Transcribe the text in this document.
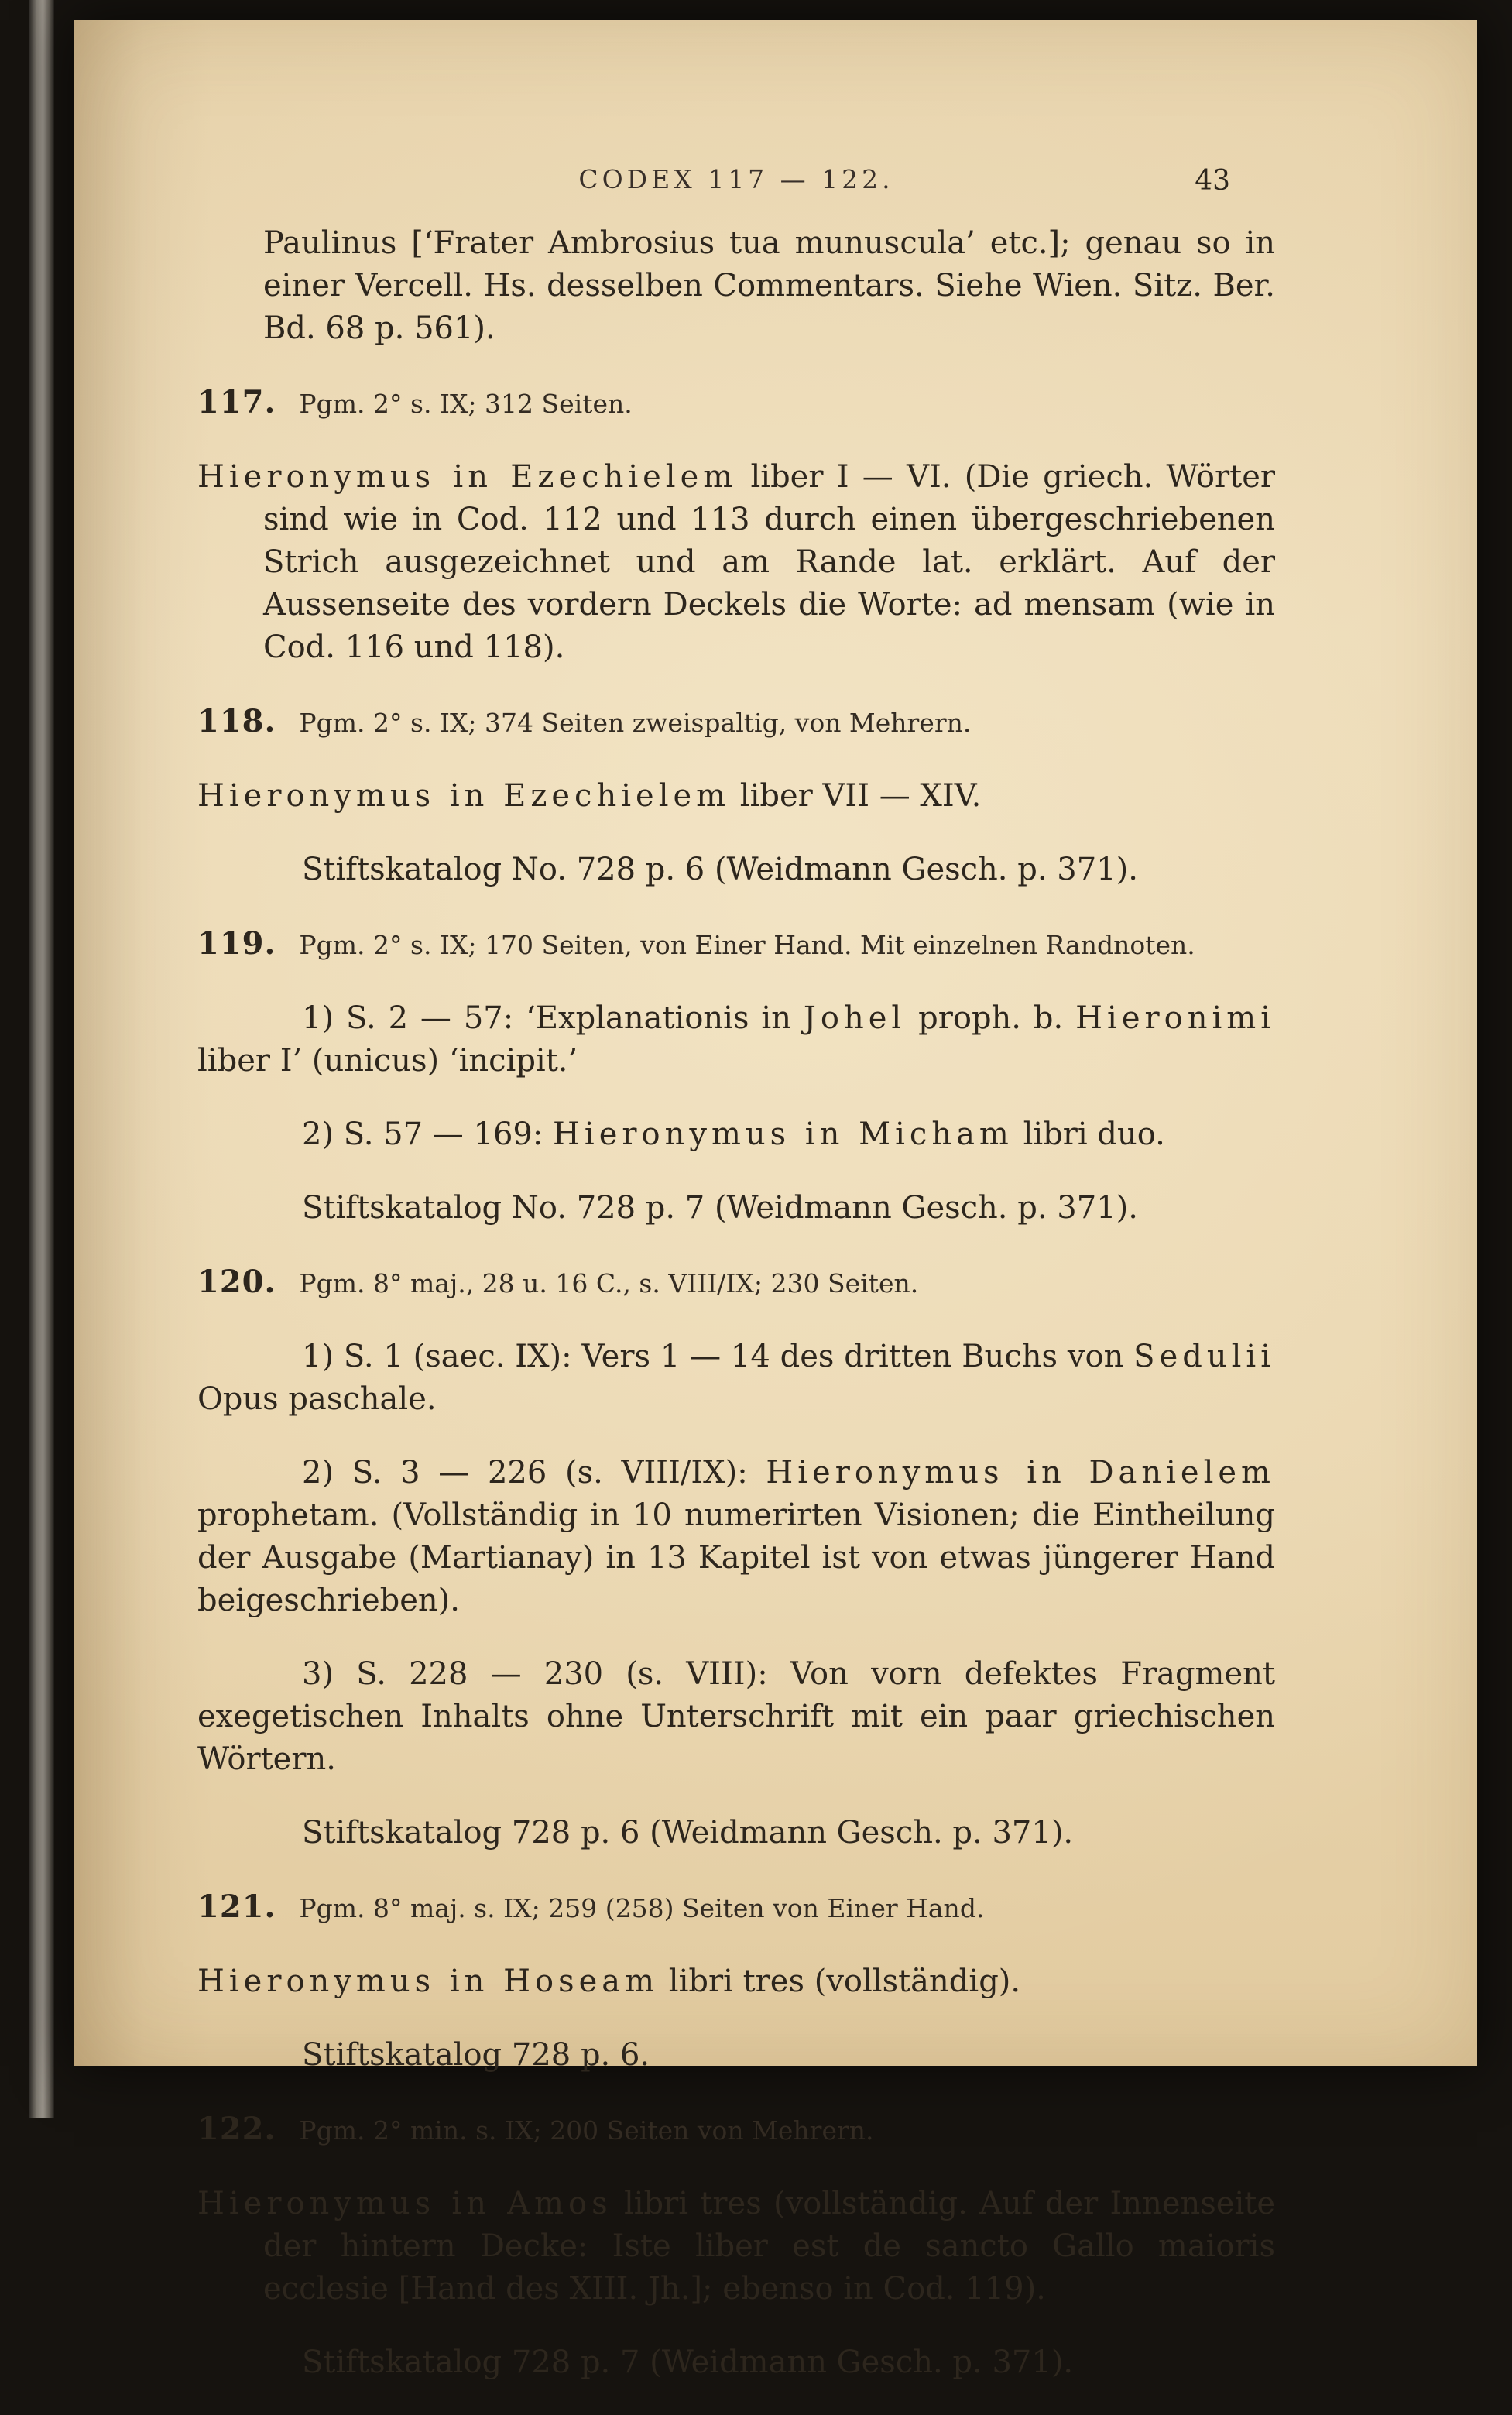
CODEX 117 — 122.	43

Paulinus [‘Frater Ambrosius tua munuscula’ etc.]; genau so in einer Vercell. Hs. desselben Commentars. Siehe Wien. Sitz. Ber. Bd. 68 p. 561).

117. Pgm. 2° s. IX; 312 Seiten.

Hieronymus in Ezechielem liber I — VI. (Die griech. Wörter sind wie in Cod. 112 und 113 durch einen übergeschriebenen Strich ausgezeichnet und am Rande lat. erklärt. Auf der Aussenseite des vordern Deckels die Worte: ad mensam (wie in Cod. 116 und 118).

118. Pgm. 2° s. IX; 374 Seiten zweispaltig, von Mehrern.

Hieronymus in Ezechielem liber VII — XIV.

Stiftskatalog No. 728 p. 6 (Weidmann Gesch. p. 371).

119. Pgm. 2° s. IX; 170 Seiten, von Einer Hand. Mit einzelnen Randnoten.

1) S. 2 — 57: ‘Explanationis in Johel proph. b. Hieronimi liber I’ (unicus) ‘incipit.’

2) S. 57 — 169: Hieronymus in Micham libri duo.

Stiftskatalog No. 728 p. 7 (Weidmann Gesch. p. 371).

120. Pgm. 8° maj., 28 u. 16 C., s. VIII/IX; 230 Seiten.

1) S. 1 (saec. IX): Vers 1 — 14 des dritten Buchs von Sedulii Opus paschale.

2) S. 3 — 226 (s. VIII/IX): Hieronymus in Danielem prophetam. (Vollständig in 10 numerirten Visionen; die Eintheilung der Ausgabe (Martianay) in 13 Kapitel ist von etwas jüngerer Hand beigeschrieben).

3) S. 228 — 230 (s. VIII): Von vorn defektes Fragment exegetischen Inhalts ohne Unterschrift mit ein paar griechischen Wörtern.

Stiftskatalog 728 p. 6 (Weidmann Gesch. p. 371).

121. Pgm. 8° maj. s. IX; 259 (258) Seiten von Einer Hand.

Hieronymus in Hoseam libri tres (vollständig).

Stiftskatalog 728 p. 6.

122. Pgm. 2° min. s. IX; 200 Seiten von Mehrern.

Hieronymus in Amos libri tres (vollständig. Auf der Innenseite der hintern Decke: Iste liber est de sancto Gallo maioris ecclesie [Hand des XIII. Jh.]; ebenso in Cod. 119).

Stiftskatalog 728 p. 7 (Weidmann Gesch. p. 371).
